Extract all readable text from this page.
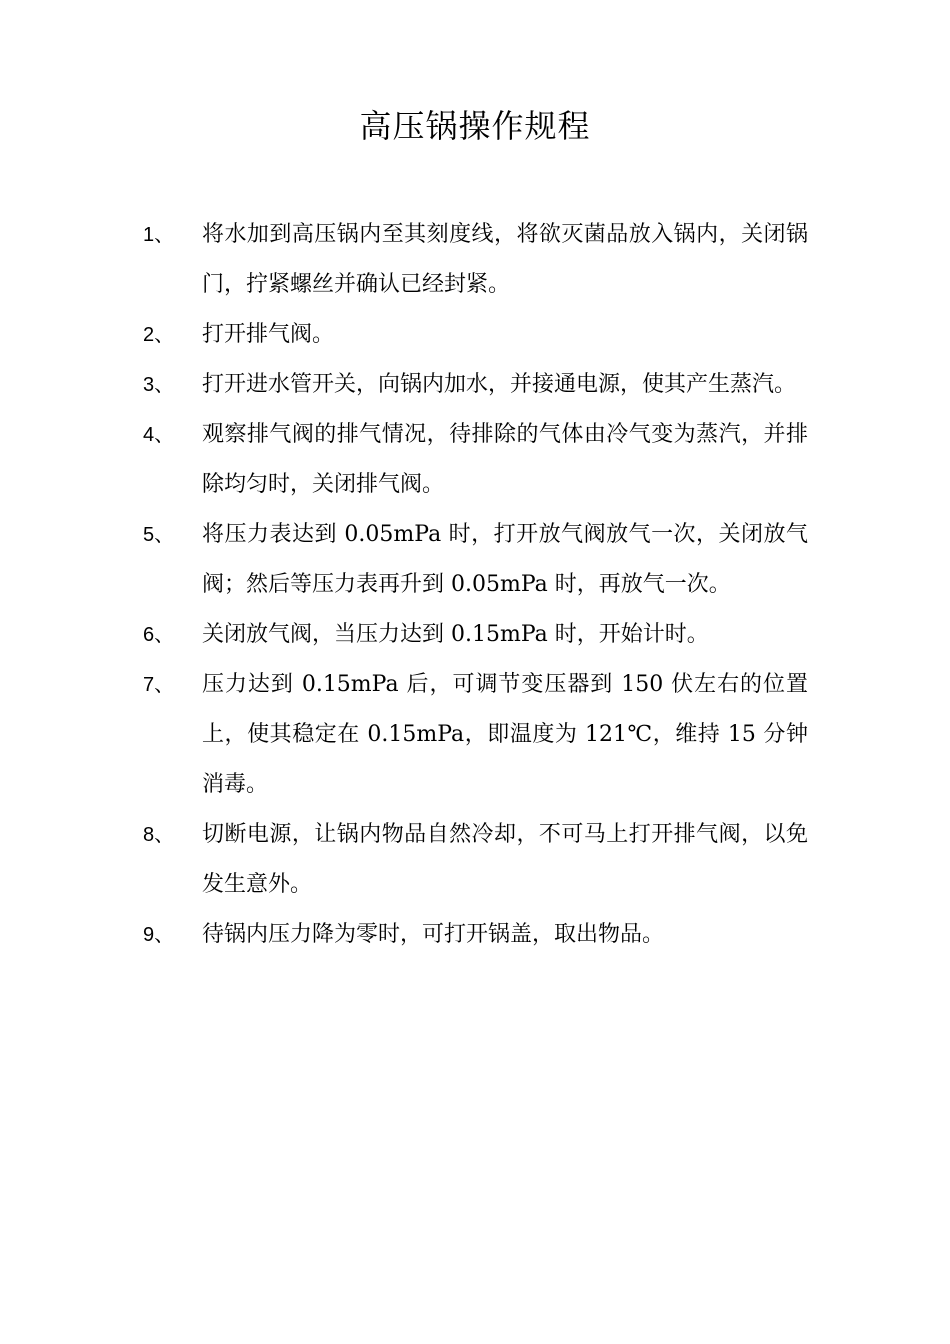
高压锅操作规程
1、 将水加到高压锅内至其刻度线，将欲灭菌品放入锅内，关闭锅门，拧紧螺丝并确认已经封紧。
2、 打开排气阀。
3、 打开进水管开关，向锅内加水，并接通电源，使其产生蒸汽。
4、 观察排气阀的排气情况，待排除的气体由冷气变为蒸汽，并排除均匀时，关闭排气阀。
5、 将压力表达到 0.05mPa 时，打开放气阀放气一次，关闭放气阀；然后等压力表再升到 0.05mPa 时，再放气一次。
6、 关闭放气阀，当压力达到 0.15mPa 时，开始计时。
7、 压力达到 0.15mPa 后，可调节变压器到 150 伏左右的位置上，使其稳定在 0.15mPa，即温度为 121℃，维持 15 分钟消毒。
8、 切断电源，让锅内物品自然冷却，不可马上打开排气阀，以免发生意外。
9、 待锅内压力降为零时，可打开锅盖，取出物品。
